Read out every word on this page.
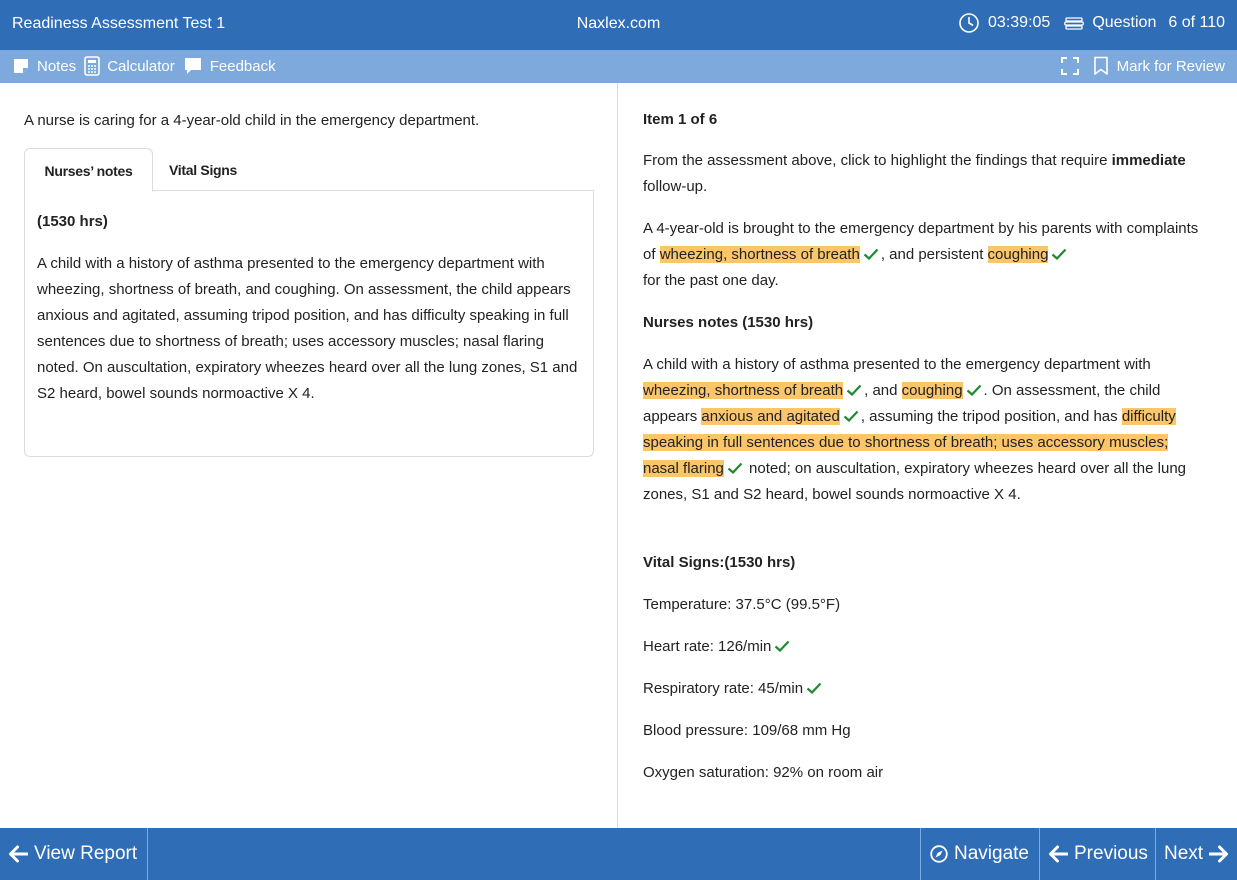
Readiness Assessment Test 1	Naxlex.com	03:39:05	Question 6 of 110
Notes Calculator Feedback	Mark for Review
A nurse is caring for a 4-year-old child in the emergency department.
Nurses’ notes	Vital Signs
(1530 hrs)
A child with a history of asthma presented to the emergency department with wheezing, shortness of breath, and coughing. On assessment, the child appears anxious and agitated, assuming tripod position, and has difficulty speaking in full sentences due to shortness of breath; uses accessory muscles; nasal flaring noted. On auscultation, expiratory wheezes heard over all the lung zones, S1 and S2 heard, bowel sounds normoactive X 4.

Item 1 of 6

From the assessment above, click to highlight the findings that require immediate follow-up.

A 4-year-old is brought to the emergency department by his parents with complaints of wheezing, shortness of breath , and persistent coughing
for the past one day.

Nurses notes (1530 hrs)

A child with a history of asthma presented to the emergency department with wheezing, shortness of breath , and coughing . On assessment, the child appears anxious and agitated , assuming the tripod position, and has difficulty speaking in full sentences due to shortness of breath; uses accessory muscles; nasal flaring noted; on auscultation, expiratory wheezes heard over all the lung zones, S1 and S2 heard, bowel sounds normoactive X 4.

Vital Signs:(1530 hrs)

Temperature: 37.5°C (99.5°F)

Heart rate: 126/min

Respiratory rate: 45/min

Blood pressure: 109/68 mm Hg

Oxygen saturation: 92% on room air

View Report	Navigate Previous Next
